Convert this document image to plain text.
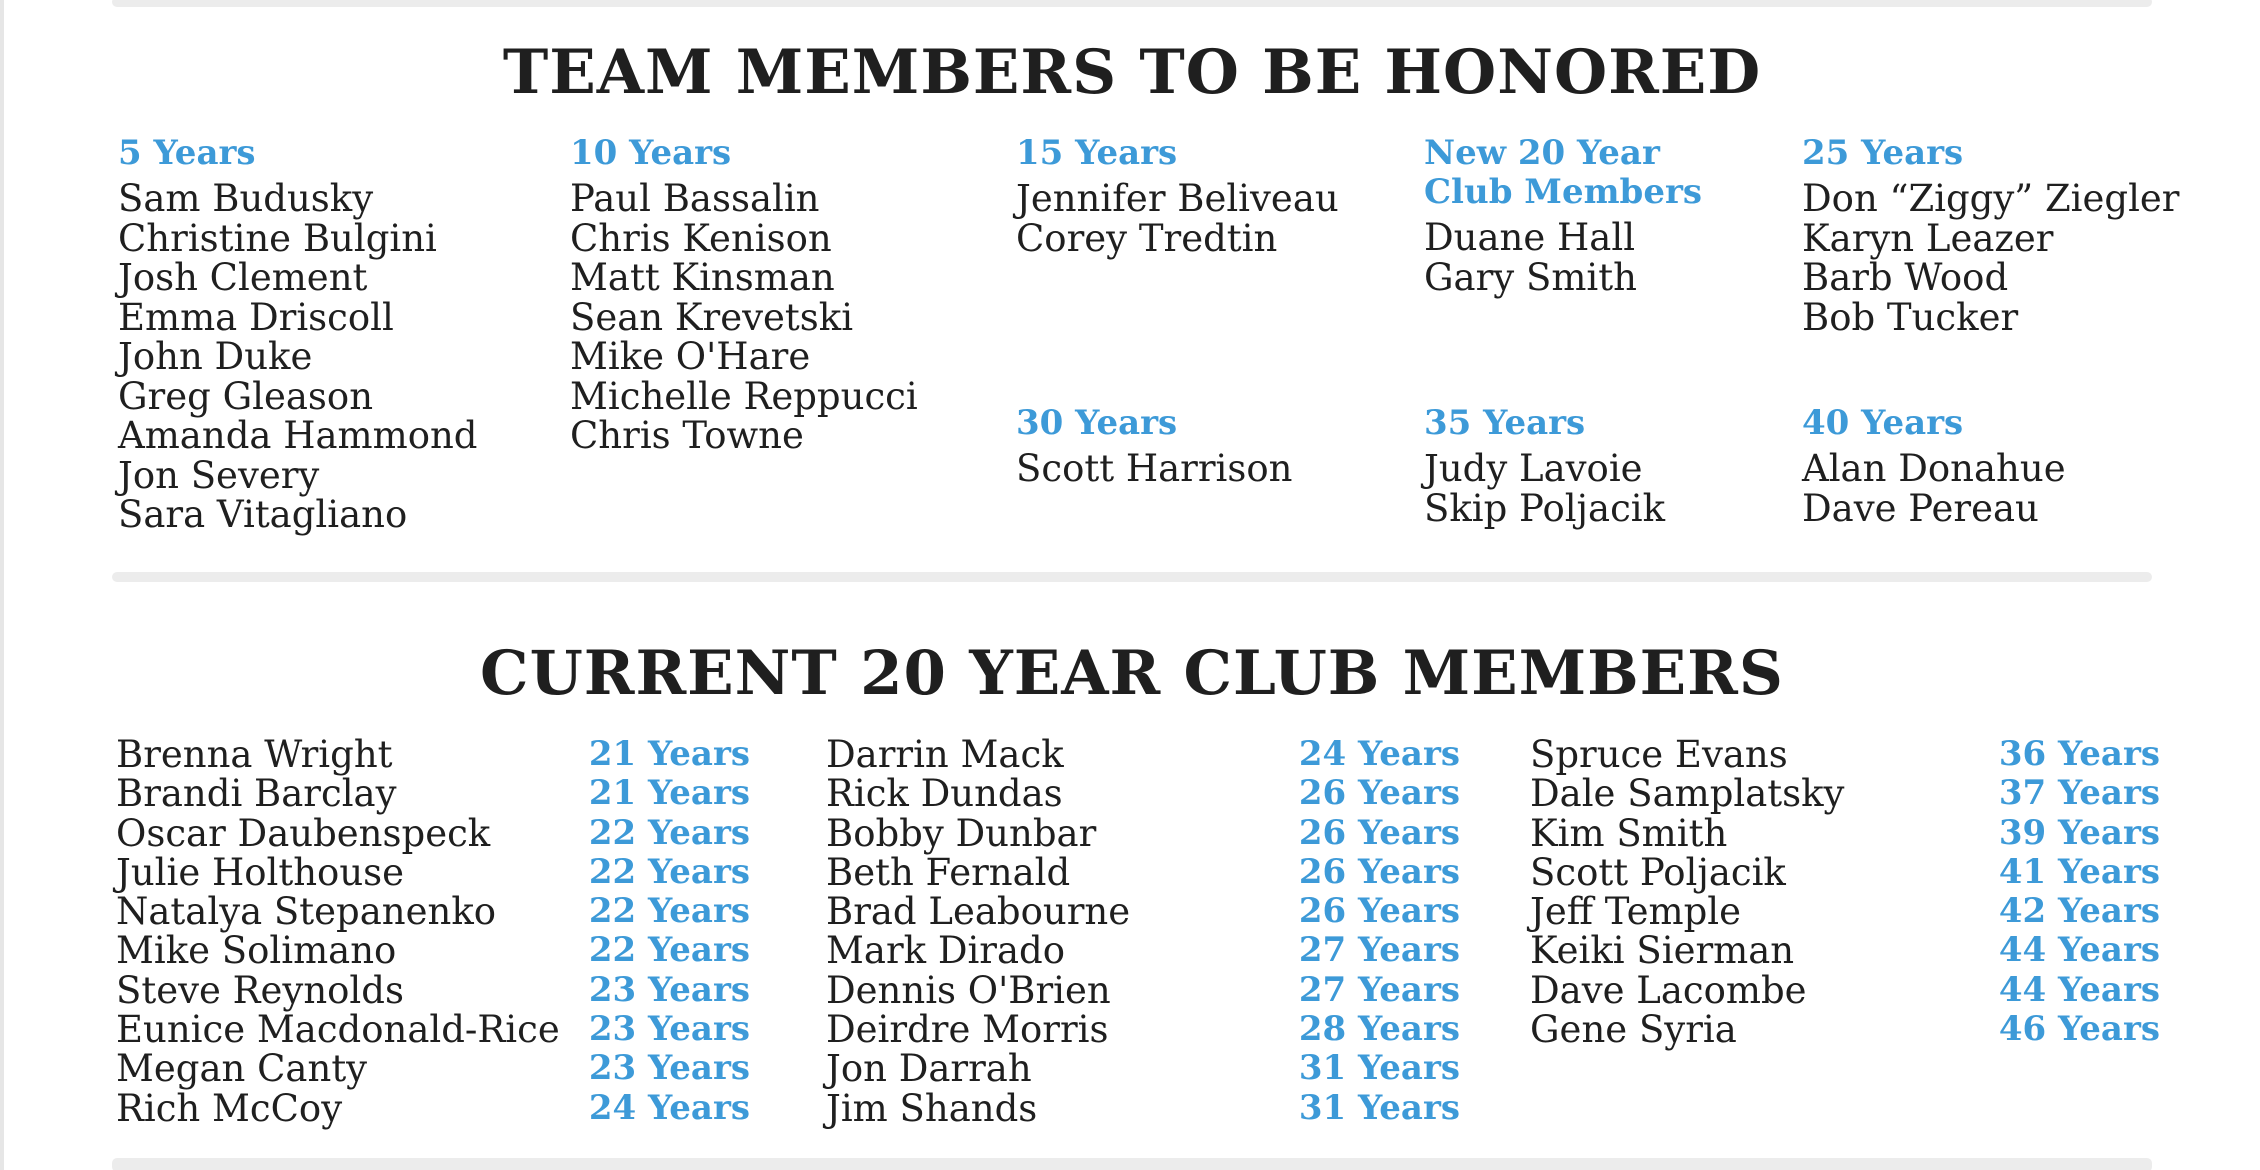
TEAM MEMBERS TO BE HONORED
5 Years
Sam Budusky
Christine Bulgini
Josh Clement
Emma Driscoll
John Duke
Greg Gleason
Amanda Hammond
Jon Severy
Sara Vitagliano
10 Years
Paul Bassalin
Chris Kenison
Matt Kinsman
Sean Krevetski
Mike O'Hare
Michelle Reppucci
Chris Towne
15 Years
Jennifer Beliveau
Corey Tredtin
New 20 Year
Club Members
Duane Hall
Gary Smith
25 Years
Don “Ziggy” Ziegler
Karyn Leazer
Barb Wood
Bob Tucker
30 Years
Scott Harrison
35 Years
Judy Lavoie
Skip Poljacik
40 Years
Alan Donahue
Dave Pereau
CURRENT 20 YEAR CLUB MEMBERS
Brenna Wright
Brandi Barclay
Oscar Daubenspeck
Julie Holthouse
Natalya Stepanenko
Mike Solimano
Steve Reynolds
Eunice Macdonald-Rice
Megan Canty
Rich McCoy
21 Years
21 Years
22 Years
22 Years
22 Years
22 Years
23 Years
23 Years
23 Years
24 Years
Darrin Mack
Rick Dundas
Bobby Dunbar
Beth Fernald
Brad Leabourne
Mark Dirado
Dennis O'Brien
Deirdre Morris
Jon Darrah
Jim Shands
24 Years
26 Years
26 Years
26 Years
26 Years
27 Years
27 Years
28 Years
31 Years
31 Years
Spruce Evans
Dale Samplatsky
Kim Smith
Scott Poljacik
Jeff Temple
Keiki Sierman
Dave Lacombe
Gene Syria
36 Years
37 Years
39 Years
41 Years
42 Years
44 Years
44 Years
46 Years
